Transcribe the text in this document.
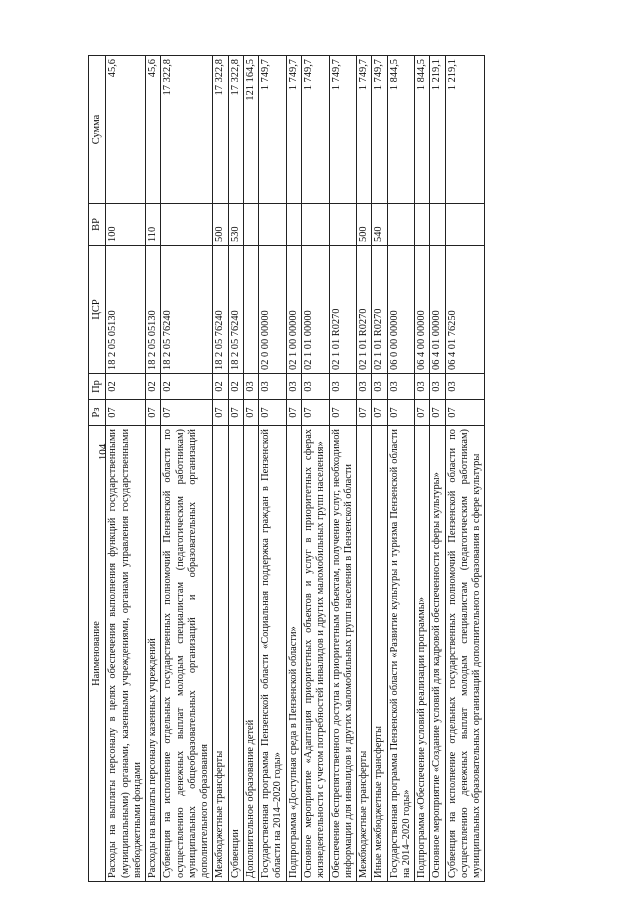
104
Наименование	Рз	Пр	ЦСР	ВР	Сумма
Расходы на выплаты персоналу в целях обеспечения выполнения функций государственными (муниципальными) органами, казенными учреждениями, органами управления государственными внебюджетными фондами	07	02	18 2 05 05130	100	45,6
Расходы на выплаты персоналу казенных учреждений	07	02	18 2 05 05130	110	45,6
Субвенция на исполнение отдельных государственных полномочий Пензенской области по осуществлению денежных выплат молодым специалистам (педагогическим работникам) муниципальных общеобразовательных организаций и образовательных организаций дополнительного образования	07	02	18 2 05 76240		17 322,8
Межбюджетные трансферты	07	02	18 2 05 76240	500	17 322,8
Субвенции	07	02	18 2 05 76240	530	17 322,8
Дополнительное образование детей	07	03			121 164,5
Государственная программа Пензенской области «Социальная поддержка граждан в Пензенской области на 2014–2020 годы»	07	03	02 0 00 00000		1 749,7
Подпрограмма «Доступная среда в Пензенской области»	07	03	02 1 00 00000		1 749,7
Основное мероприятие «Адаптация приоритетных объектов и услуг в приоритетных сферах жизнедеятельности с учетом потребностей инвалидов и других маломобильных групп населения»	07	03	02 1 01 00000		1 749,7
Обеспечение беспрепятственного доступа к приоритетным объектам, получение услуг, необходимой информации для инвалидов и других маломобильных групп населения в Пензенской области	07	03	02 1 01 R0270		1 749,7
Межбюджетные трансферты	07	03	02 1 01 R0270	500	1 749,7
Иные межбюджетные трансферты	07	03	02 1 01 R0270	540	1 749,7
Государственная программа Пензенской области «Развитие культуры и туризма Пензенской области на 2014–2020 годы»	07	03	06 0 00 00000		1 844,5
Подпрограмма «Обеспечение условий реализации программы»	07	03	06 4 00 00000		1 844,5
Основное мероприятие «Создание условий для кадровой обеспеченности сферы культуры»	07	03	06 4 01 00000		1 219,1
Субвенция на исполнение отдельных государственных полномочий Пензенской области по осуществлению денежных выплат молодым специалистам (педагогическим работникам) муниципальных образовательных организаций дополнительного образования в сфере культуры	07	03	06 4 01 76250		1 219,1
